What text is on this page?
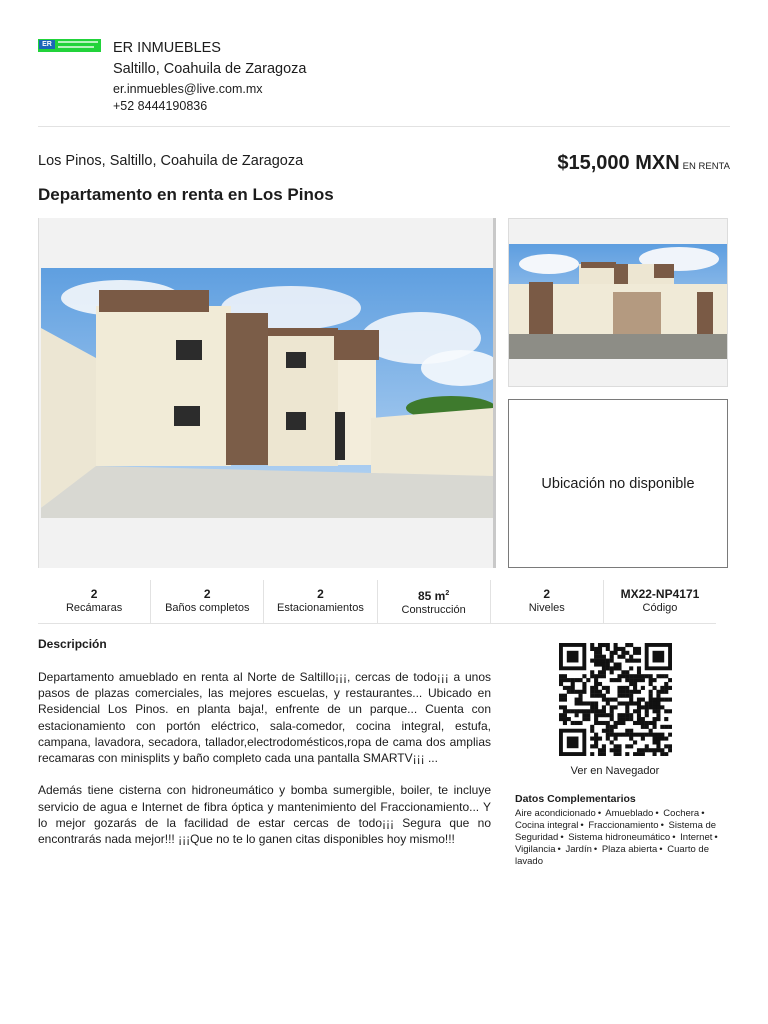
ER	ER INMUEBLES
Saltillo, Coahuila de Zaragoza
er.inmuebles@live.com.mx
+52 8444190836
Los Pinos, Saltillo, Coahuila de Zaragoza	$15,000 MXN EN RENTA
Departamento en renta en Los Pinos
Ubicación no disponible
2
Recámaras
2
Baños completos
2
Estacionamientos
85 $m^2$
Construcción
2
Niveles
MX22-NP4171
Código
Descripción

Departamento amueblado en renta al Norte de Saltillo¡¡¡, cercas de todo¡¡¡ a unos pasos de plazas comerciales, las mejores escuelas, y restaurantes... Ubicado en Residencial Los Pinos. en planta baja!, enfrente de un parque... Cuenta con estacionamiento con portón eléctrico, sala-comedor, cocina integral, estufa, campana, lavadora, secadora, tallador,electrodomésticos,ropa de cama dos amplias recamaras con minisplits y baño completo cada una pantalla SMARTV¡¡¡ ...

Además tiene cisterna con hidroneumático y bomba sumergible, boiler, te incluye servicio de agua e Internet de fibra óptica y mantenimiento del Fraccionamiento... Y lo mejor gozarás de la facilidad de estar cercas de todo¡¡¡ Segura que no encontrarás nada mejor!!! ¡¡¡Que no te lo ganen citas disponibles hoy mismo!!!

Ver en Navegador
Datos Complementarios
Aire acondicionado • Amueblado • Cochera • Cocina integral • Fraccionamiento • Sistema de Seguridad • Sistema hidroneumático • Internet • Vigilancia • Jardín • Plaza abierta • Cuarto de lavado
